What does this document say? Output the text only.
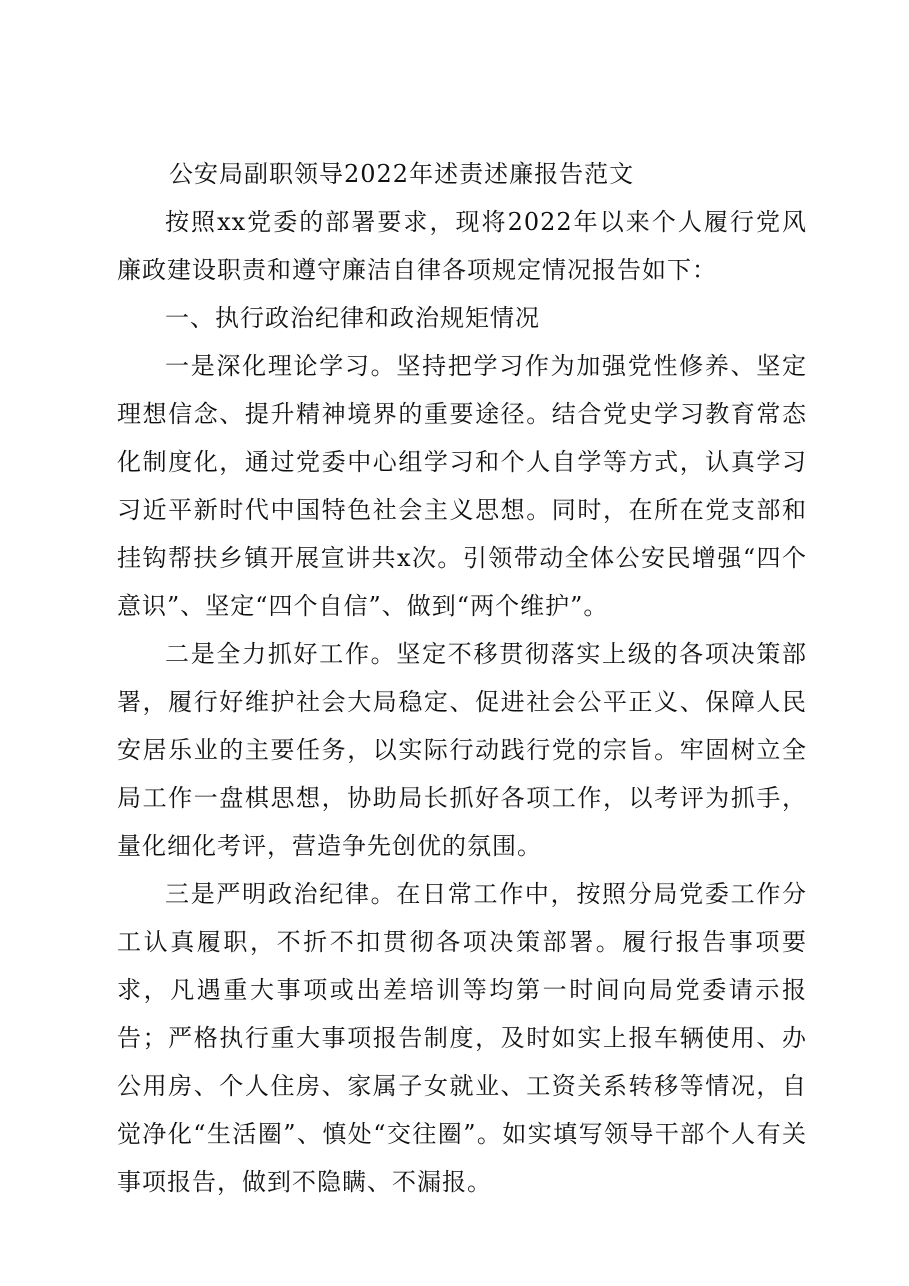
公安局副职领导2022年述责述廉报告范文

按照xx党委的部署要求，现将2022年以来个人履行党风廉政建设职责和遵守廉洁自律各项规定情况报告如下：

一、执行政治纪律和政治规矩情况

一是深化理论学习。坚持把学习作为加强党性修养、坚定理想信念、提升精神境界的重要途径。结合党史学习教育常态化制度化，通过党委中心组学习和个人自学等方式，认真学习习近平新时代中国特色社会主义思想。同时，在所在党支部和挂钩帮扶乡镇开展宣讲共x次。引领带动全体公安民增强“四个意识”、坚定“四个自信”、做到“两个维护”。

二是全力抓好工作。坚定不移贯彻落实上级的各项决策部署，履行好维护社会大局稳定、促进社会公平正义、保障人民安居乐业的主要任务，以实际行动践行党的宗旨。牢固树立全局工作一盘棋思想，协助局长抓好各项工作，以考评为抓手，量化细化考评，营造争先创优的氛围。

三是严明政治纪律。在日常工作中，按照分局党委工作分工认真履职，不折不扣贯彻各项决策部署。履行报告事项要求，凡遇重大事项或出差培训等均第一时间向局党委请示报告；严格执行重大事项报告制度，及时如实上报车辆使用、办公用房、个人住房、家属子女就业、工资关系转移等情况，自觉净化“生活圈”、慎处“交往圈”。如实填写领导干部个人有关事项报告，做到不隐瞒、不漏报。
